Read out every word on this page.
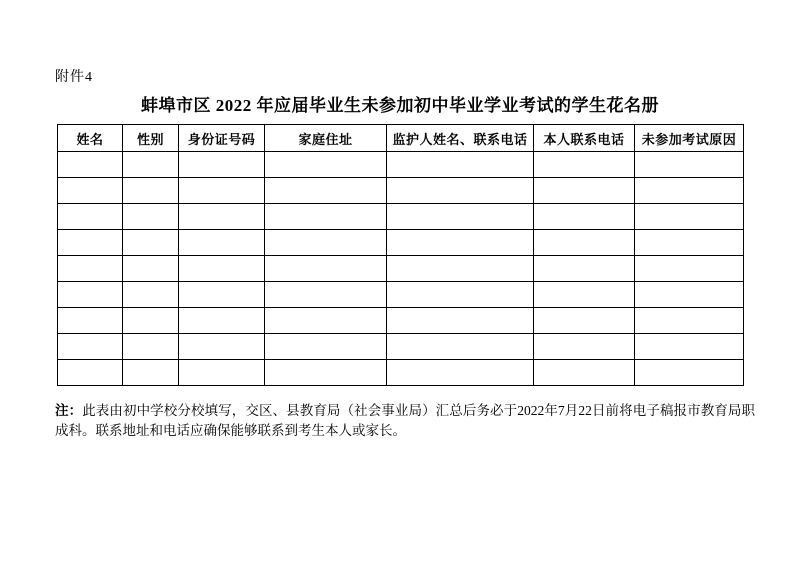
附件4
蚌埠市区 2022 年应届毕业生未参加初中毕业学业考试的学生花名册
姓名	性别	身份证号码	家庭住址	监护人姓名、联系电话	本人联系电话	未参加考试原因

注：此表由初中学校分校填写，交区、县教育局（社会事业局）汇总后务必于2022年7月22日前将电子稿报市教育局职成科。联系地址和电话应确保能够联系到考生本人或家长。
